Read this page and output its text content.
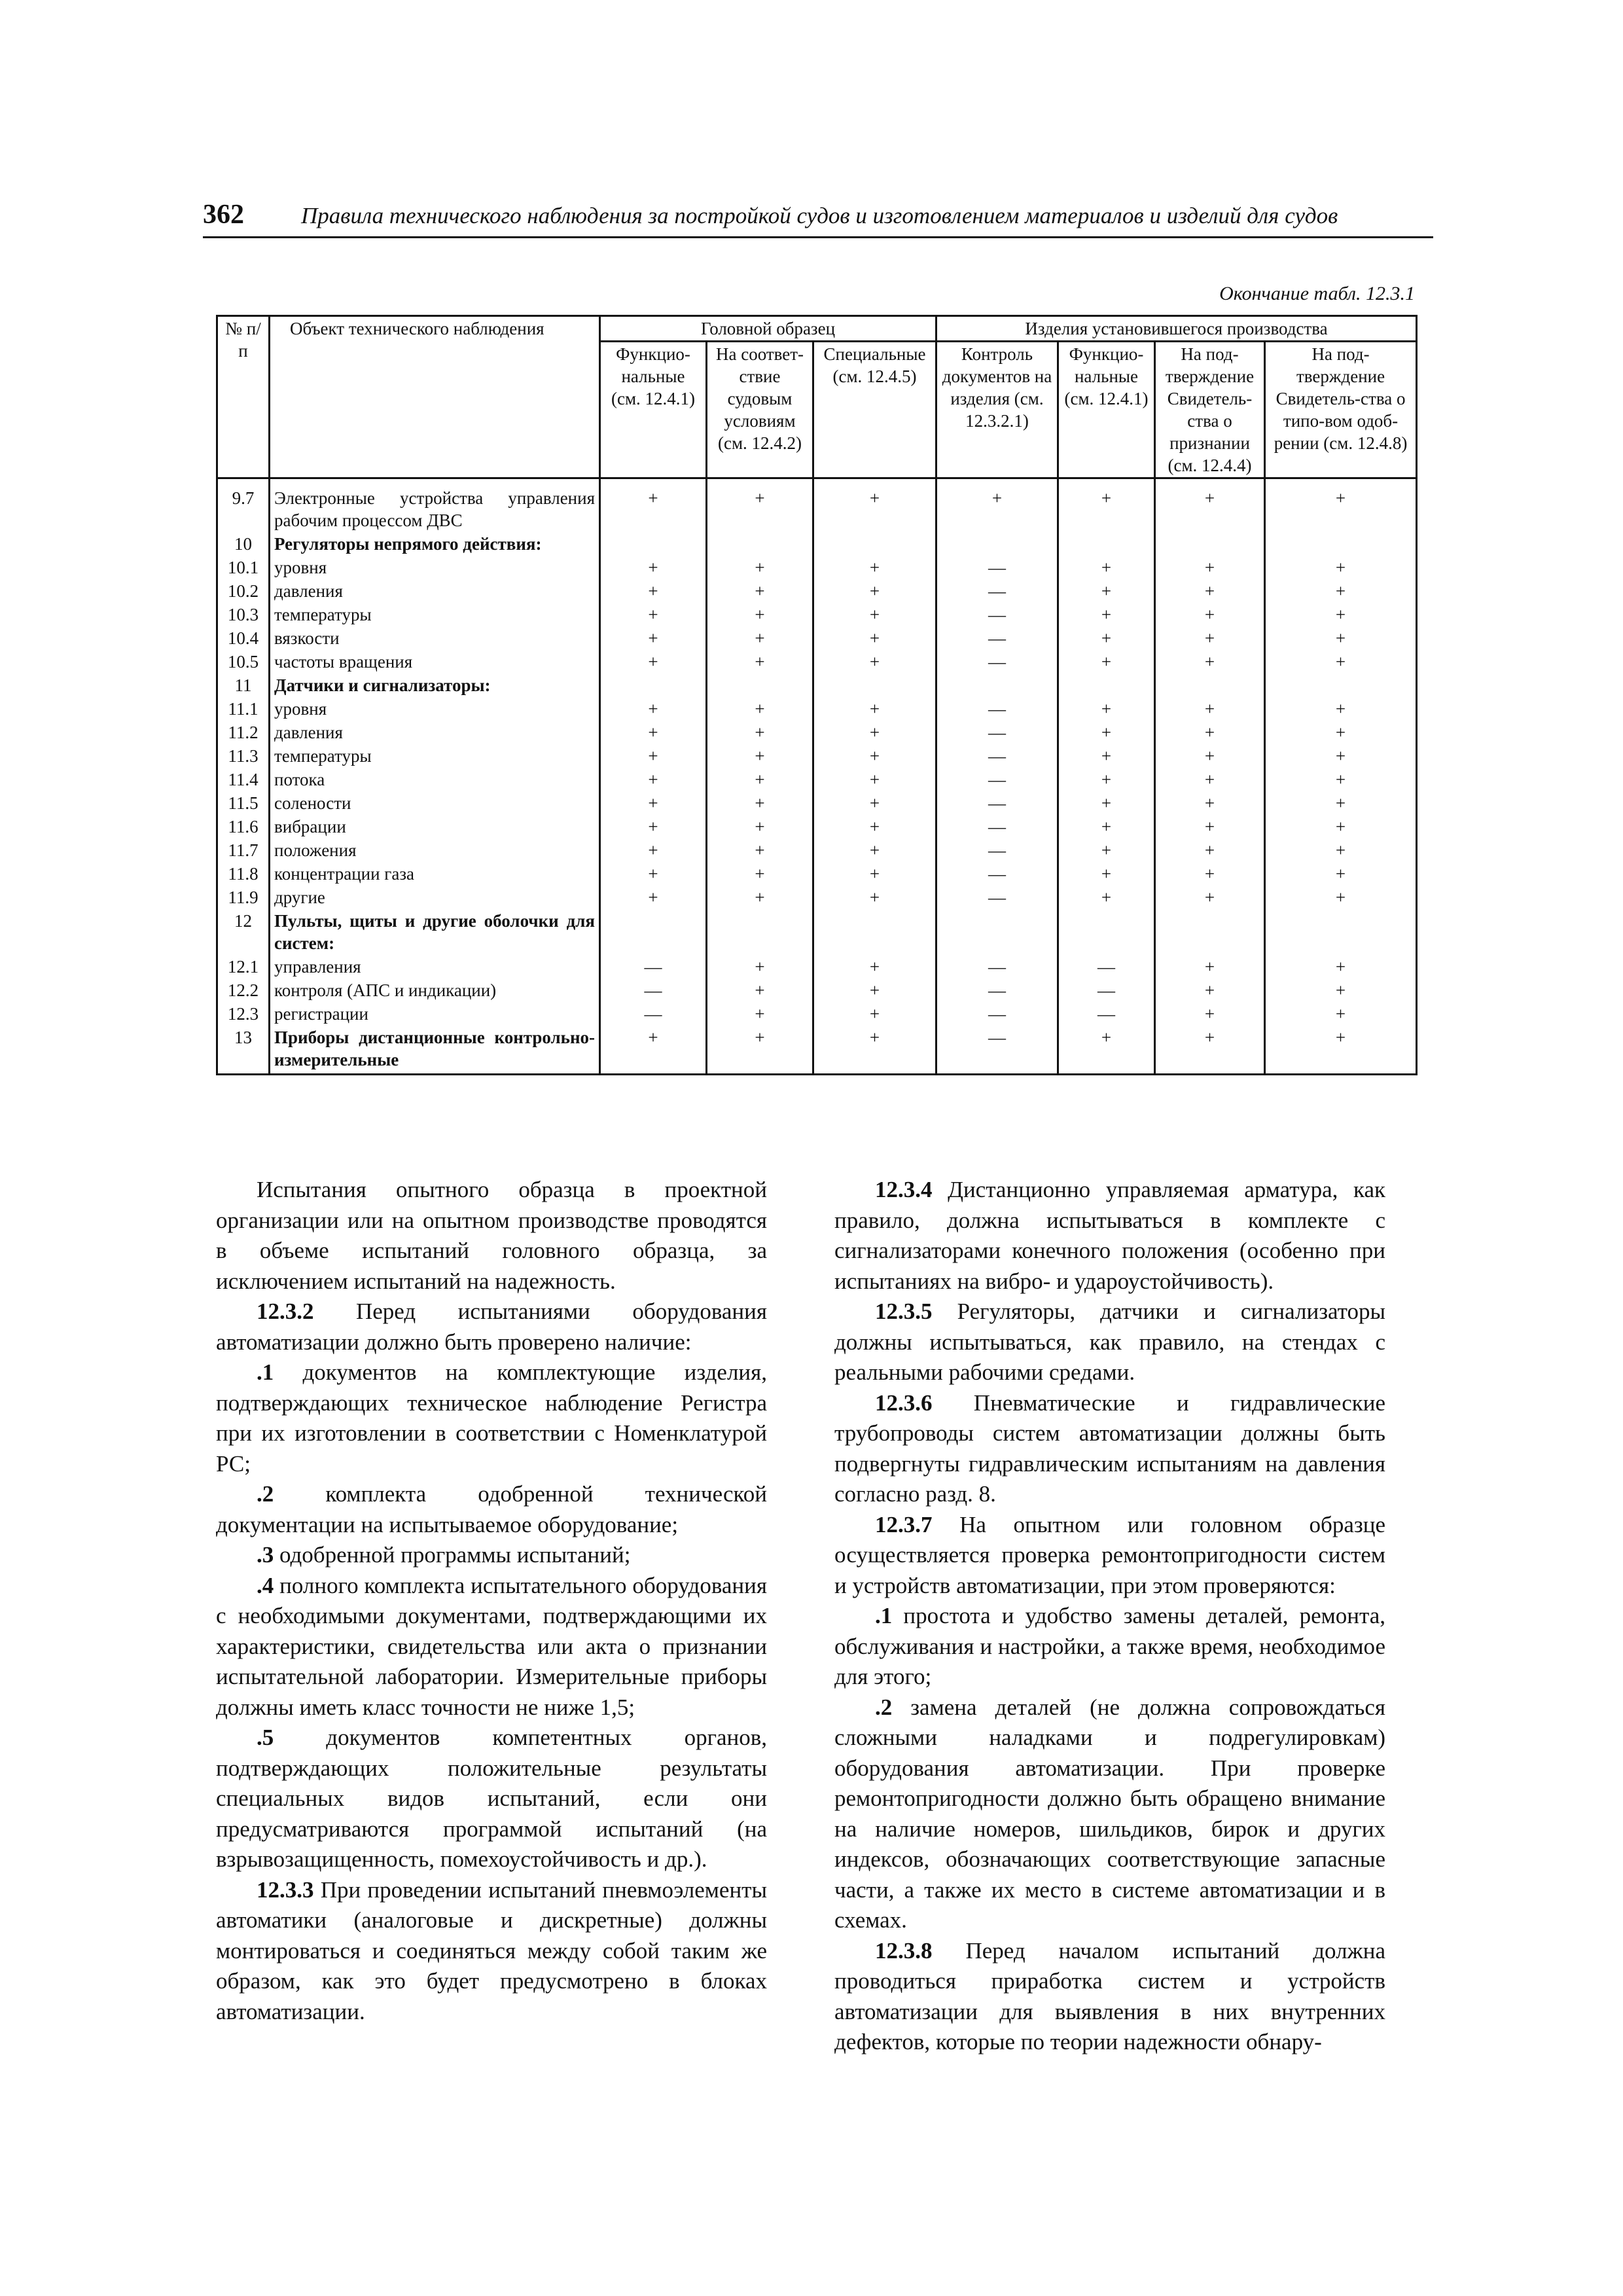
362 Правила технического наблюдения за постройкой судов и изготовлением материалов и изделий для судов
Окончание табл. 12.3.1
№ п/п	Объект технического наблюдения	Головной образец			Изделия установившегося производства			
		Функцио-нальные (см. 12.4.1)	На соответ-ствие судовым условиям (см. 12.4.2)	Специальные (см. 12.4.5)	Контроль документов на изделия (см. 12.3.2.1)	Функцио-нальные (см. 12.4.1)	На под-тверждение Свидетель-ства о признании (см. 12.4.4)	На под-тверждение Свидетель-ства о типо-вом одоб-рении (см. 12.4.8)
9.7	Электронные устройства управления рабочим процессом ДВС	+	+	+	+	+	+	+
10	Регуляторы непрямого действия:							
10.1	уровня	+	+	+	—	+	+	+
10.2	давления	+	+	+	—	+	+	+
10.3	температуры	+	+	+	—	+	+	+
10.4	вязкости	+	+	+	—	+	+	+
10.5	частоты вращения	+	+	+	—	+	+	+
11	Датчики и сигнализаторы:							
11.1	уровня	+	+	+	—	+	+	+
11.2	давления	+	+	+	—	+	+	+
11.3	температуры	+	+	+	—	+	+	+
11.4	потока	+	+	+	—	+	+	+
11.5	солености	+	+	+	—	+	+	+
11.6	вибрации	+	+	+	—	+	+	+
11.7	положения	+	+	+	—	+	+	+
11.8	концентрации газа	+	+	+	—	+	+	+
11.9	другие	+	+	+	—	+	+	+
12	Пульты, щиты и другие оболочки для систем:							
12.1	управления	—	+	+	—	—	+	+
12.2	контроля (АПС и индикации)	—	+	+	—	—	+	+
12.3	регистрации	—	+	+	—	—	+	+
13	Приборы дистанционные контрольно-измерительные	+	+	+	—	+	+	+

Испытания опытного образца в проектной организации или на опытном производстве проводятся в объеме испытаний головного образца, за исключением испытаний на надежность.

12.3.2 Перед испытаниями оборудования автоматизации должно быть проверено наличие:

.1 документов на комплектующие изделия, подтверждающих техническое наблюдение Регистра при их изготовлении в соответствии с Номенклатурой РС;

.2 комплекта одобренной технической документации на испытываемое оборудование;

.3 одобренной программы испытаний;

.4 полного комплекта испытательного оборудования с необходимыми документами, подтверждающими их характеристики, свидетельства или акта о признании испытательной лаборатории. Измерительные приборы должны иметь класс точности не ниже 1,5;

.5 документов компетентных органов, подтверждающих положительные результаты специальных видов испытаний, если они предусматриваются программой испытаний (на взрывозащищенность, помехоустойчивость и др.).

12.3.3 При проведении испытаний пневмоэлементы автоматики (аналоговые и дискретные) должны монтироваться и соединяться между собой таким же образом, как это будет предусмотрено в блоках автоматизации.

12.3.4 Дистанционно управляемая арматура, как правило, должна испытываться в комплекте с сигнализаторами конечного положения (особенно при испытаниях на вибро- и удароустойчивость).

12.3.5 Регуляторы, датчики и сигнализаторы должны испытываться, как правило, на стендах с реальными рабочими средами.

12.3.6 Пневматические и гидравлические трубопроводы систем автоматизации должны быть подвергнуты гидравлическим испытаниям на давления согласно разд. 8.

12.3.7 На опытном или головном образце осуществляется проверка ремонтопригодности систем и устройств автоматизации, при этом проверяются:

.1 простота и удобство замены деталей, ремонта, обслуживания и настройки, а также время, необходимое для этого;

.2 замена деталей (не должна сопровождаться сложными наладками и подрегулировкам) оборудования автоматизации. При проверке ремонтопригодности должно быть обращено внимание на наличие номеров, шильдиков, бирок и других индексов, обозначающих соответствующие запасные части, а также их место в системе автоматизации и в схемах.

12.3.8 Перед началом испытаний должна проводиться приработка систем и устройств автоматизации для выявления в них внутренних дефектов, которые по теории надежности обнару-
